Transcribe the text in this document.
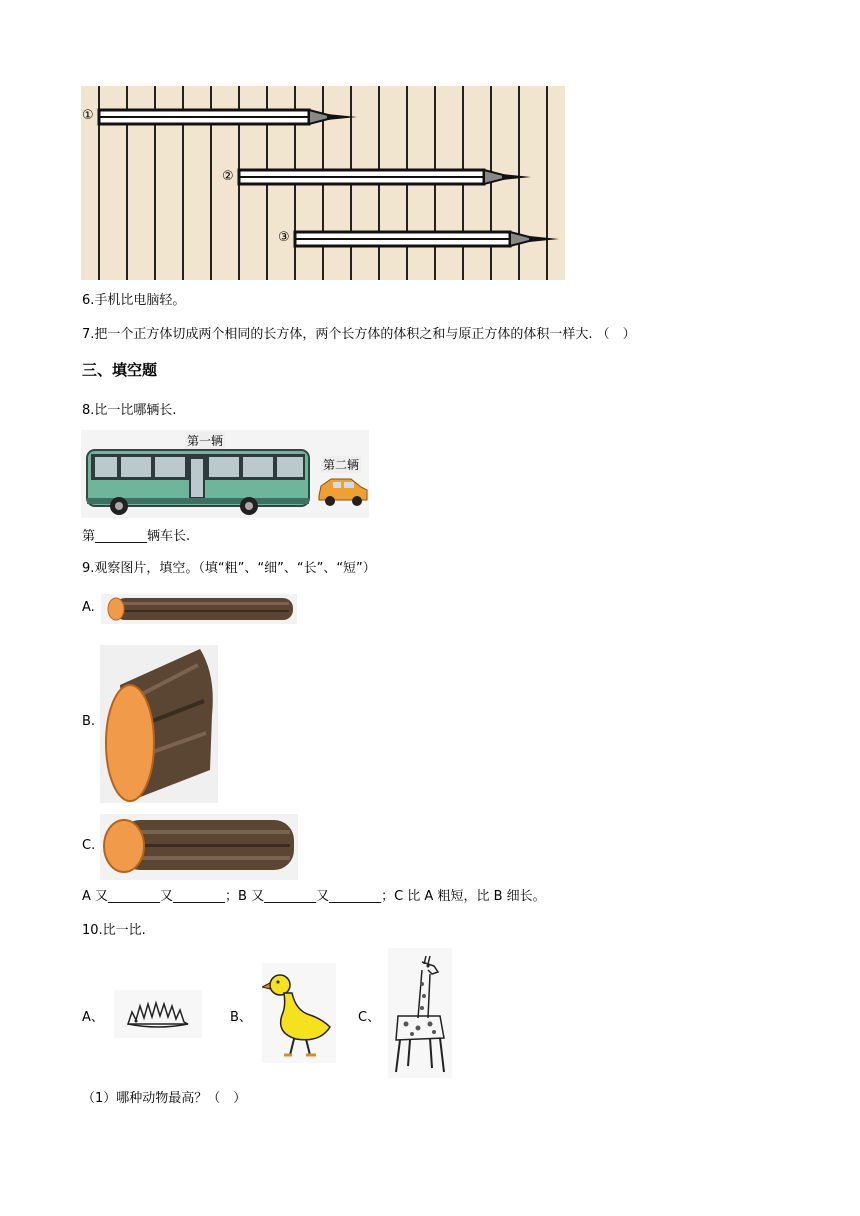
①
②
③
6.手机比电脑轻。
7.把一个正方体切成两个相同的长方体，两个长方体的体积之和与原正方体的体积一样大. （　）
三、填空题
8.比一比哪辆长.
第一辆
第二辆
第________辆车长.
9.观察图片，填空。（填“粗”、“细”、“长”、“短”）
A.
B.
C.
A 又________又________；B 又________又________；C 比 A 粗短，比 B 细长。
10.比一比.
A、	B、	C、
（1）哪种动物最高？（　）
